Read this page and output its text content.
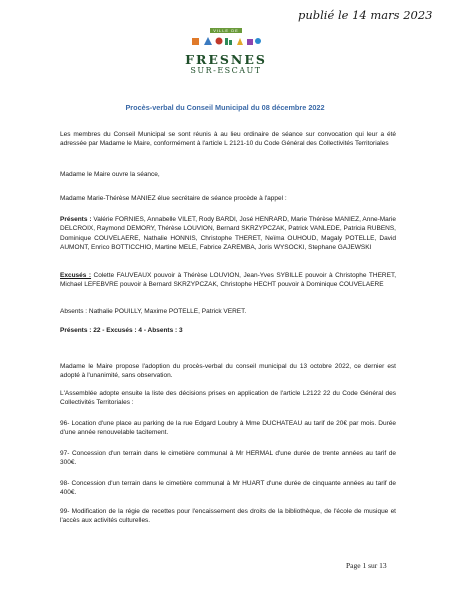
publié le 14 mars 2023
VILLE DE
FRESNES
SUR-ESCAUT
Procès-verbal du Conseil Municipal du 08 décembre 2022

Les membres du Conseil Municipal se sont réunis à au lieu ordinaire de séance sur convocation qui leur a été adressée par Madame le Maire, conformément à l'article L 2121-10 du Code Général des Collectivités Territoriales

Madame le Maire ouvre la séance,

Madame Marie-Thérèse MANIEZ élue secrétaire de séance procède à l'appel :

Présents : Valérie FORNIES, Annabelle VILET, Rody BARDI, José HENRARD, Marie Thérèse MANIEZ, Anne-Marie DELCROIX, Raymond DEMORY, Thérèse LOUVION, Bernard SKRZYPCZAK, Patrick VANLEDE, Patricia RUBENS, Dominique COUVELAERE, Nathalie HONNIS, Christophe THERET, Neïma OUHOUD, Magaly POTELLE, David AUMONT, Enrico BOTTICCHIO, Martine MELE, Fabrice ZAREMBA, Joris WYSOCKI, Stephane GAJEWSKI

Excusés : Colette FAUVEAUX pouvoir à Thérèse LOUVION, Jean-Yves SYBILLE pouvoir à Christophe THERET, Michael LEFEBVRE pouvoir à Bernard SKRZYPCZAK, Christophe HECHT pouvoir à Dominique COUVELAERE

Absents : Nathalie POUILLY, Maxime POTELLE, Patrick VERET.

Présents : 22 - Excusés : 4 - Absents : 3

Madame le Maire propose l'adoption du procès-verbal du conseil municipal du 13 octobre 2022, ce dernier est adopté à l'unanimité, sans observation.

L'Assemblée adopte ensuite la liste des décisions prises en application de l'article L2122 22 du Code Général des Collectivités Territoriales :

96- Location d'une place au parking de la rue Edgard Loubry à Mme DUCHATEAU au tarif de 20€ par mois. Durée d'une année renouvelable tacitement.

97- Concession d'un terrain dans le cimetière communal à Mr HERMAL d'une durée de trente années au tarif de 300€.

98- Concession d'un terrain dans le cimetière communal à Mr HUART d'une durée de cinquante années au tarif de 400€.

99- Modification de la régie de recettes pour l'encaissement des droits de la bibliothèque, de l'école de musique et l'accès aux activités culturelles.

Page 1 sur 13
